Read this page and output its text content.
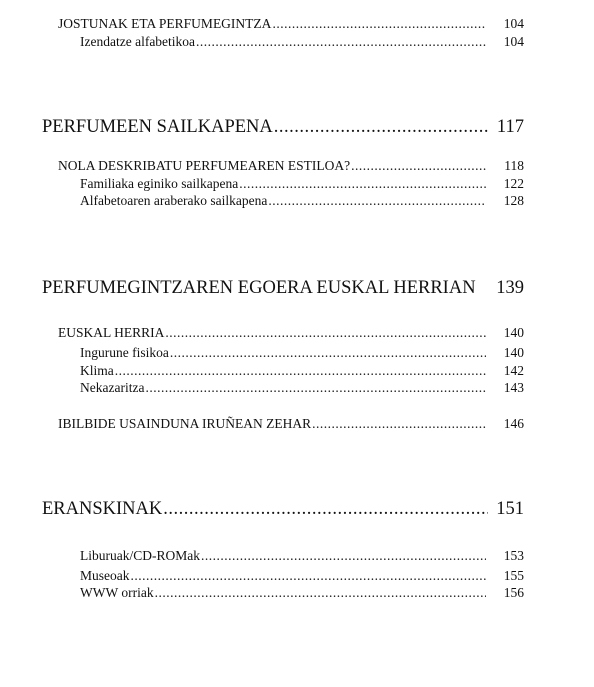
JOSTUNAK ETA PERFUMEGINTZA .....	104
Izendatze alfabetikoa .....	104
PERFUMEEN SAILKAPENA .....	117
NOLA DESKRIBATU PERFUMEAREN ESTILOA? .....	118
Familiaka eginiko sailkapena .....	122
Alfabetoaren araberako sailkapena .....	128
PERFUMEGINTZAREN EGOERA EUSKAL HERRIAN 139
EUSKAL HERRIA .....	140
Ingurune fisikoa .....	140
Klima .....	142
Nekazaritza .....	143
IBILBIDE USAINDUNA IRUÑEAN ZEHAR .....	146
ERANSKINAK .....	151
Liburuak/CD-ROMak .....	153
Museoak .....	155
WWW orriak .....	156
